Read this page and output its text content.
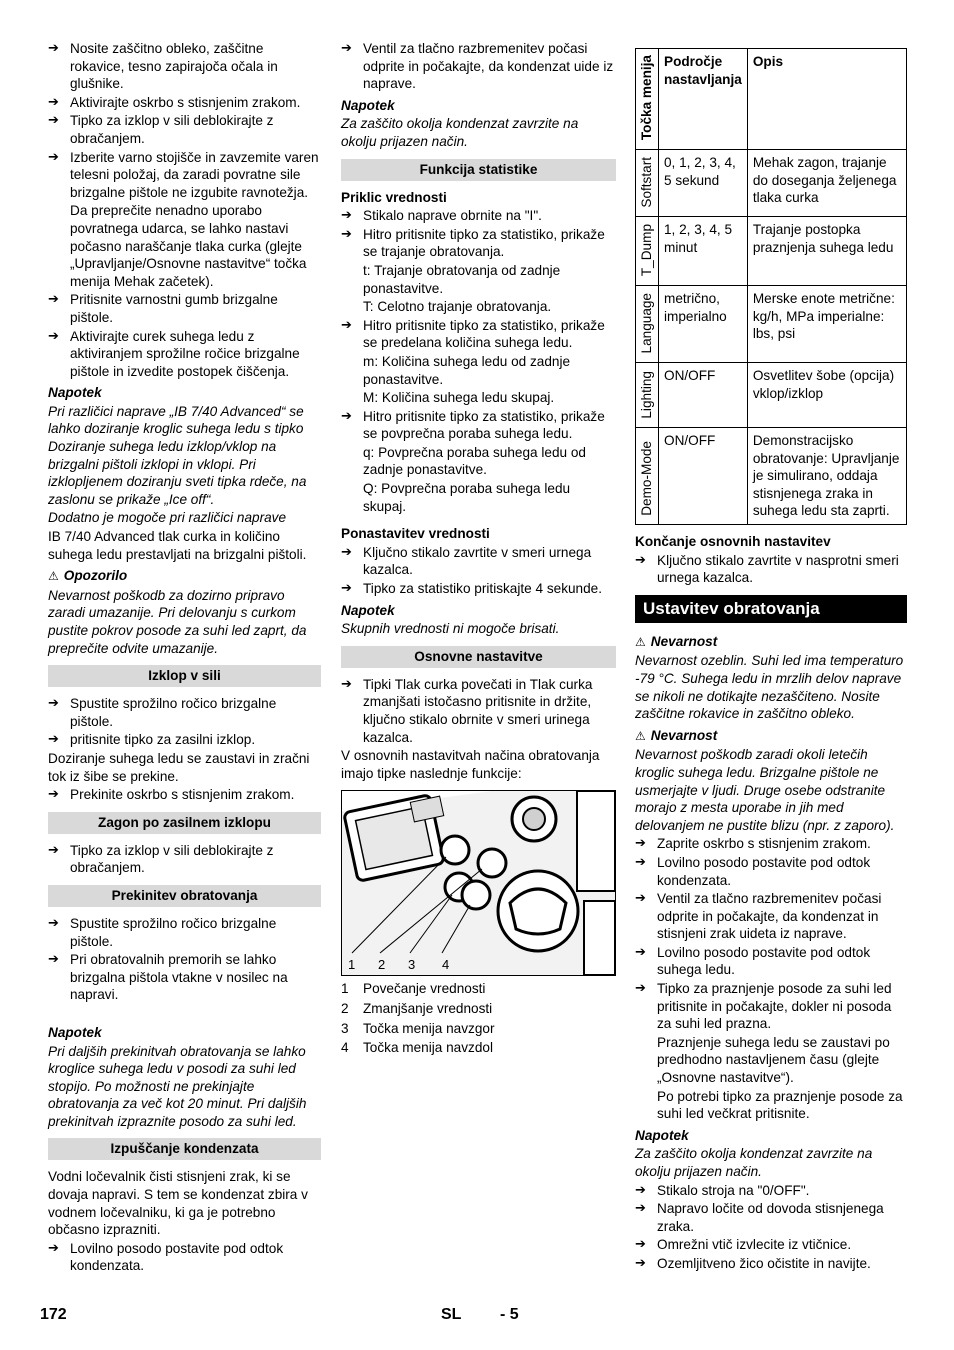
➔ Nosite zaščitno obleko, zaščitne rokavice, tesno zapirajoča očala in glušnike.
➔ Aktivirajte oskrbo s stisnjenim zrakom.
➔ Tipko za izklop v sili deblokirajte z obračanjem.
➔ Izberite varno stojišče in zavzemite varen telesni položaj, da zaradi povratne sile brizgalne pištole ne izgubite ravnotežja.
Da preprečite nenadno uporabo povratnega udarca, se lahko nastavi počasno naraščanje tlaka curka (glejte „Upravljanje/Osnovne nastavitve“ točka menija Mehak začetek).
➔ Pritisnite varnostni gumb brizgalne pištole.
➔ Aktivirajte curek suhega ledu z aktiviranjem sprožilne ročice brizgalne pištole in izvedite postopek čiščenja.
Napotek

Pri različici naprave „IB 7/40 Advanced“ se lahko doziranje kroglic suhega ledu s tipko Doziranje suhega ledu izklop/vklop na brizgalni pištoli izklopi in vklopi. Pri izklopljenem doziranju sveti tipka rdeče, na zaslonu se prikaže „Ice off“.

Dodatno je mogoče pri različici naprave

IB 7/40 Advanced tlak curka in količino suhega ledu prestavljati na brizgalni pištoli.

⚠ Opozorilo

Nevarnost poškodb za dozirno pripravo zaradi umazanije. Pri delovanju s curkom pustite pokrov posode za suhi led zaprt, da preprečite odvite umazanije.

Izklop v sili
➔ Spustite sprožilno ročico brizgalne pištole.
➔ pritisnite tipko za zasilni izklop.

Doziranje suhega ledu se zaustavi in zračni tok iz šibe se prekine.

➔ Prekinite oskrbo s stisnjenim zrakom.
Zagon po zasilnem izklopu
➔ Tipko za izklop v sili deblokirajte z obračanjem.
Prekinitev obratovanja
➔ Spustite sprožilno ročico brizgalne pištole.
➔ Pri obratovalnih premorih se lahko brizgalna pištola vtakne v nosilec na napravi.
Napotek

Pri daljših prekinitvah obratovanja se lahko kroglice suhega ledu v posodi za suhi led stopijo. Po možnosti ne prekinjajte obratovanja za več kot 20 minut. Pri daljših prekinitvah izpraznite posodo za suhi led.

Izpuščanje kondenzata

Vodni ločevalnik čisti stisnjeni zrak, ki se dovaja napravi. S tem se kondenzat zbira v vodnem ločevalniku, ki ga je potrebno občasno izprazniti.

➔ Lovilno posodo postavite pod odtok kondenzata.
➔ Ventil za tlačno razbremenitev počasi odprite in počakajte, da kondenzat uide iz naprave.
Napotek

Za zaščito okolja kondenzat zavrzite na okolju prijazen način.

Funkcija statistike
Priklic vrednosti
➔ Stikalo naprave obrnite na "I".
➔ Hitro pritisnite tipko za statistiko, prikaže se trajanje obratovanja.
t: Trajanje obratovanja od zadnje ponastavitve.
T: Celotno trajanje obratovanja.
➔ Hitro pritisnite tipko za statistiko, prikaže se predelana količina suhega ledu.
m: Količina suhega ledu od zadnje ponastavitve.
M: Količina suhega ledu skupaj.
➔ Hitro pritisnite tipko za statistiko, prikaže se povprečna poraba suhega ledu.
q: Povprečna poraba suhega ledu od zadnje ponastavitve.
Q: Povprečna poraba suhega ledu skupaj.
Ponastavitev vrednosti
➔ Ključno stikalo zavrtite v smeri urnega kazalca.
➔ Tipko za statistiko pritiskajte 4 sekunde.
Napotek

Skupnih vrednosti ni mogoče brisati.

Osnovne nastavitve
➔ Tipki Tlak curka povečati in Tlak curka zmanjšati istočasno pritisnite in držite, ključno stikalo obrnite v smeri urinega kazalca.

V osnovnih nastavitvah načina obratovanja imajo tipke naslednje funkcije:

1 2 3 4
1 Povečanje vrednosti
2 Zmanjšanje vrednosti
3 Točka menija navzgor
4 Točka menija navzdol
Točka menija	Področje nastavljanja	Opis
Softstart	0, 1, 2, 3, 4, 5 sekund	Mehak zagon, trajanje do doseganja željenega tlaka curka
T_Dump	1, 2, 3, 4, 5 minut	Trajanje postopka praznjenja suhega ledu
Language	metrično, imperialno	Merske enote metrične: kg/h, MPa imperialne: lbs, psi
Lighting	ON/OFF	Osvetlitev šobe (opcija) vklop/izklop
Demo-Mode	ON/OFF	Demonstracijsko obratovanje: Upravljanje je simulirano, oddaja stisnjenega zraka in suhega ledu sta zaprti.
Končanje osnovnih nastavitev
➔ Ključno stikalo zavrtite v nasprotni smeri urnega kazalca.
Ustavitev obratovanja
⚠ Nevarnost

Nevarnost ozeblin. Suhi led ima temperaturo -79 °C. Suhega ledu in mrzlih delov naprave se nikoli ne dotikajte nezaščiteno. Nosite zaščitne rokavice in zaščitno obleko.

⚠ Nevarnost

Nevarnost poškodb zaradi okoli letečih kroglic suhega ledu. Brizgalne pištole ne usmerjajte v ljudi. Druge osebe odstranite morajo z mesta uporabe in jih med delovanjem ne pustite blizu (npr. z zaporo).

➔ Zaprite oskrbo s stisnjenim zrakom.
➔ Lovilno posodo postavite pod odtok kondenzata.
➔ Ventil za tlačno razbremenitev počasi odprite in počakajte, da kondenzat in stisnjeni zrak uideta iz naprave.
➔ Lovilno posodo postavite pod odtok suhega ledu.
➔ Tipko za praznjenje posode za suhi led pritisnite in počakajte, dokler ni posoda za suhi led prazna.
Praznjenje suhega ledu se zaustavi po predhodno nastavljenem času (glejte „Osnovne nastavitve“).
Po potrebi tipko za praznjenje posode za suhi led večkrat pritisnite.
Napotek

Za zaščito okolja kondenzat zavrzite na okolju prijazen način.

➔ Stikalo stroja na "0/OFF".
➔ Napravo ločite od dovoda stisnjenega zraka.
➔ Omrežni vtič izvlecite iz vtičnice.
➔ Ozemljitveno žico očistite in navijte.
172	SL - 5
